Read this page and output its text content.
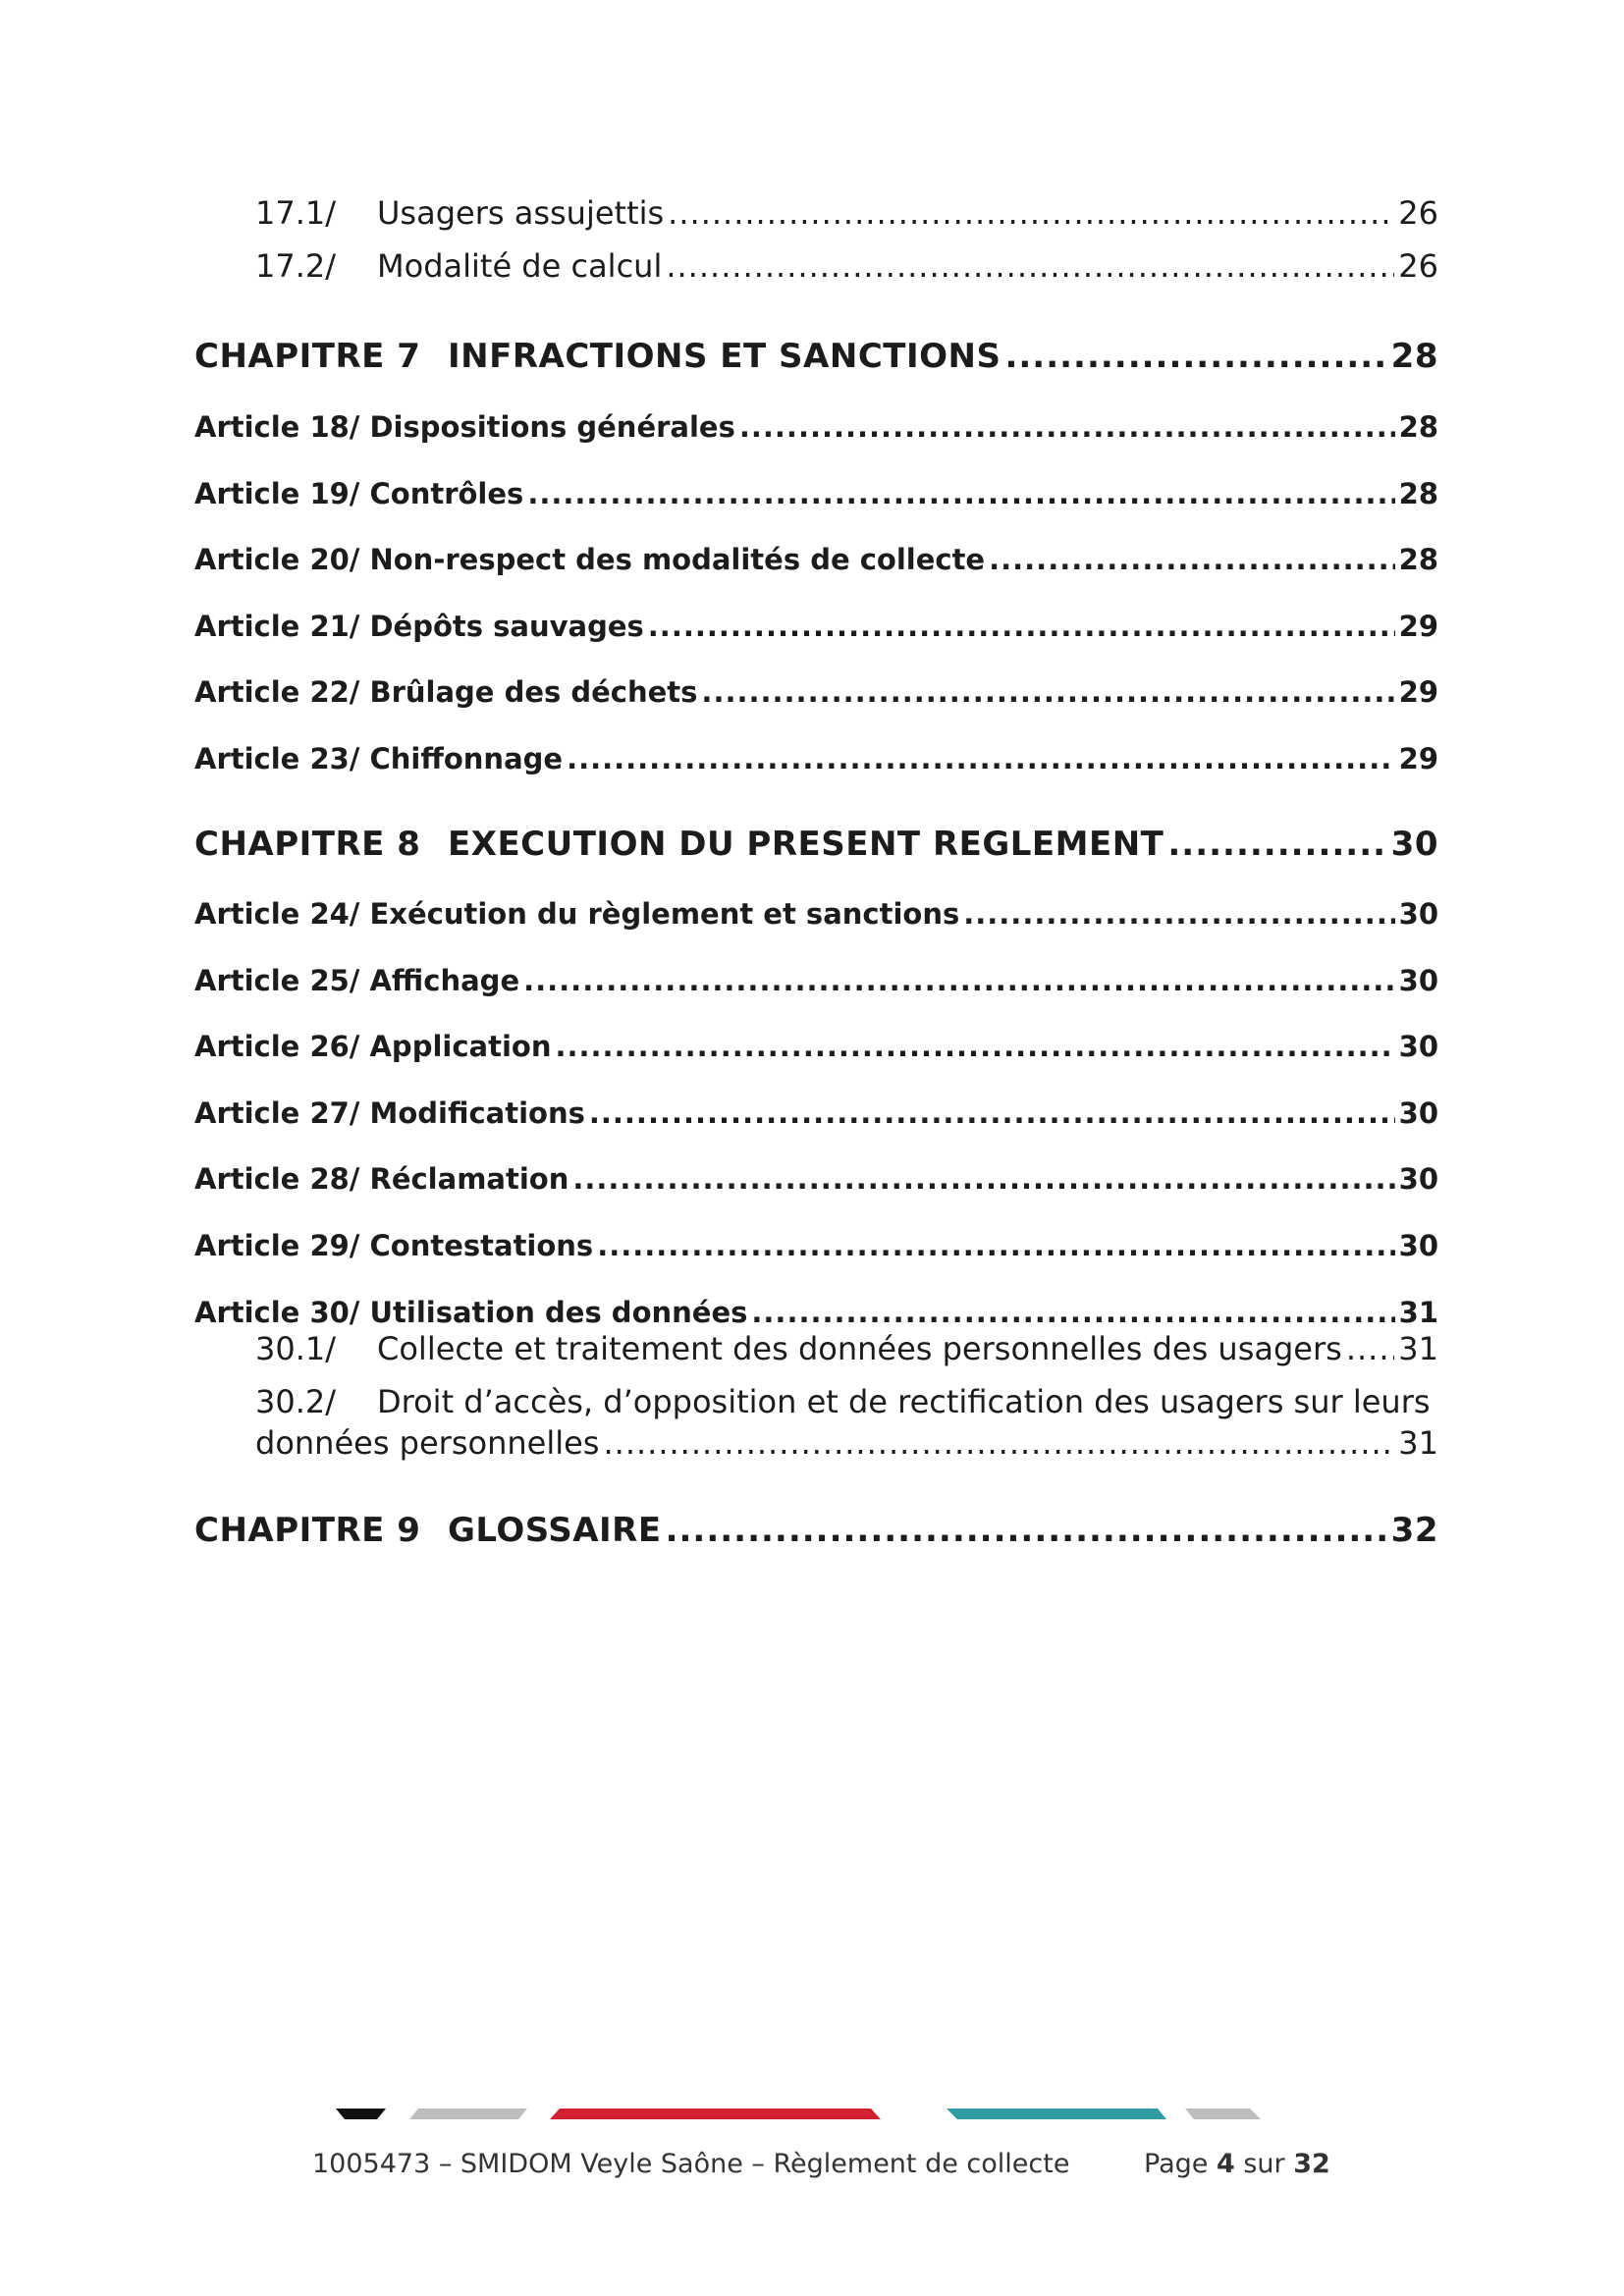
17.1/	Usagers assujettis .....	26
17.2/	Modalité de calcul .....	26
CHAPITRE 7 INFRACTIONS ET SANCTIONS .....	28
Article 18/ Dispositions générales .....	28
Article 19/ Contrôles .....	28
Article 20/ Non-respect des modalités de collecte .....	28
Article 21/ Dépôts sauvages .....	29
Article 22/ Brûlage des déchets .....	29
Article 23/ Chiffonnage .....	29
CHAPITRE 8 EXECUTION DU PRESENT REGLEMENT .....	30
Article 24/ Exécution du règlement et sanctions .....	30
Article 25/ Affichage .....	30
Article 26/ Application .....	30
Article 27/ Modifications .....	30
Article 28/ Réclamation .....	30
Article 29/ Contestations .....	30
Article 30/ Utilisation des données .....	31
30.1/	Collecte et traitement des données personnelles des usagers ..... 31
30.2/	Droit d’accès, d’opposition et de rectification des usagers sur leurs
données personnelles .....	31
CHAPITRE 9 GLOSSAIRE .....	32
1005473 – SMIDOM Veyle Saône – Règlement de collecte	Page 4 sur 32
